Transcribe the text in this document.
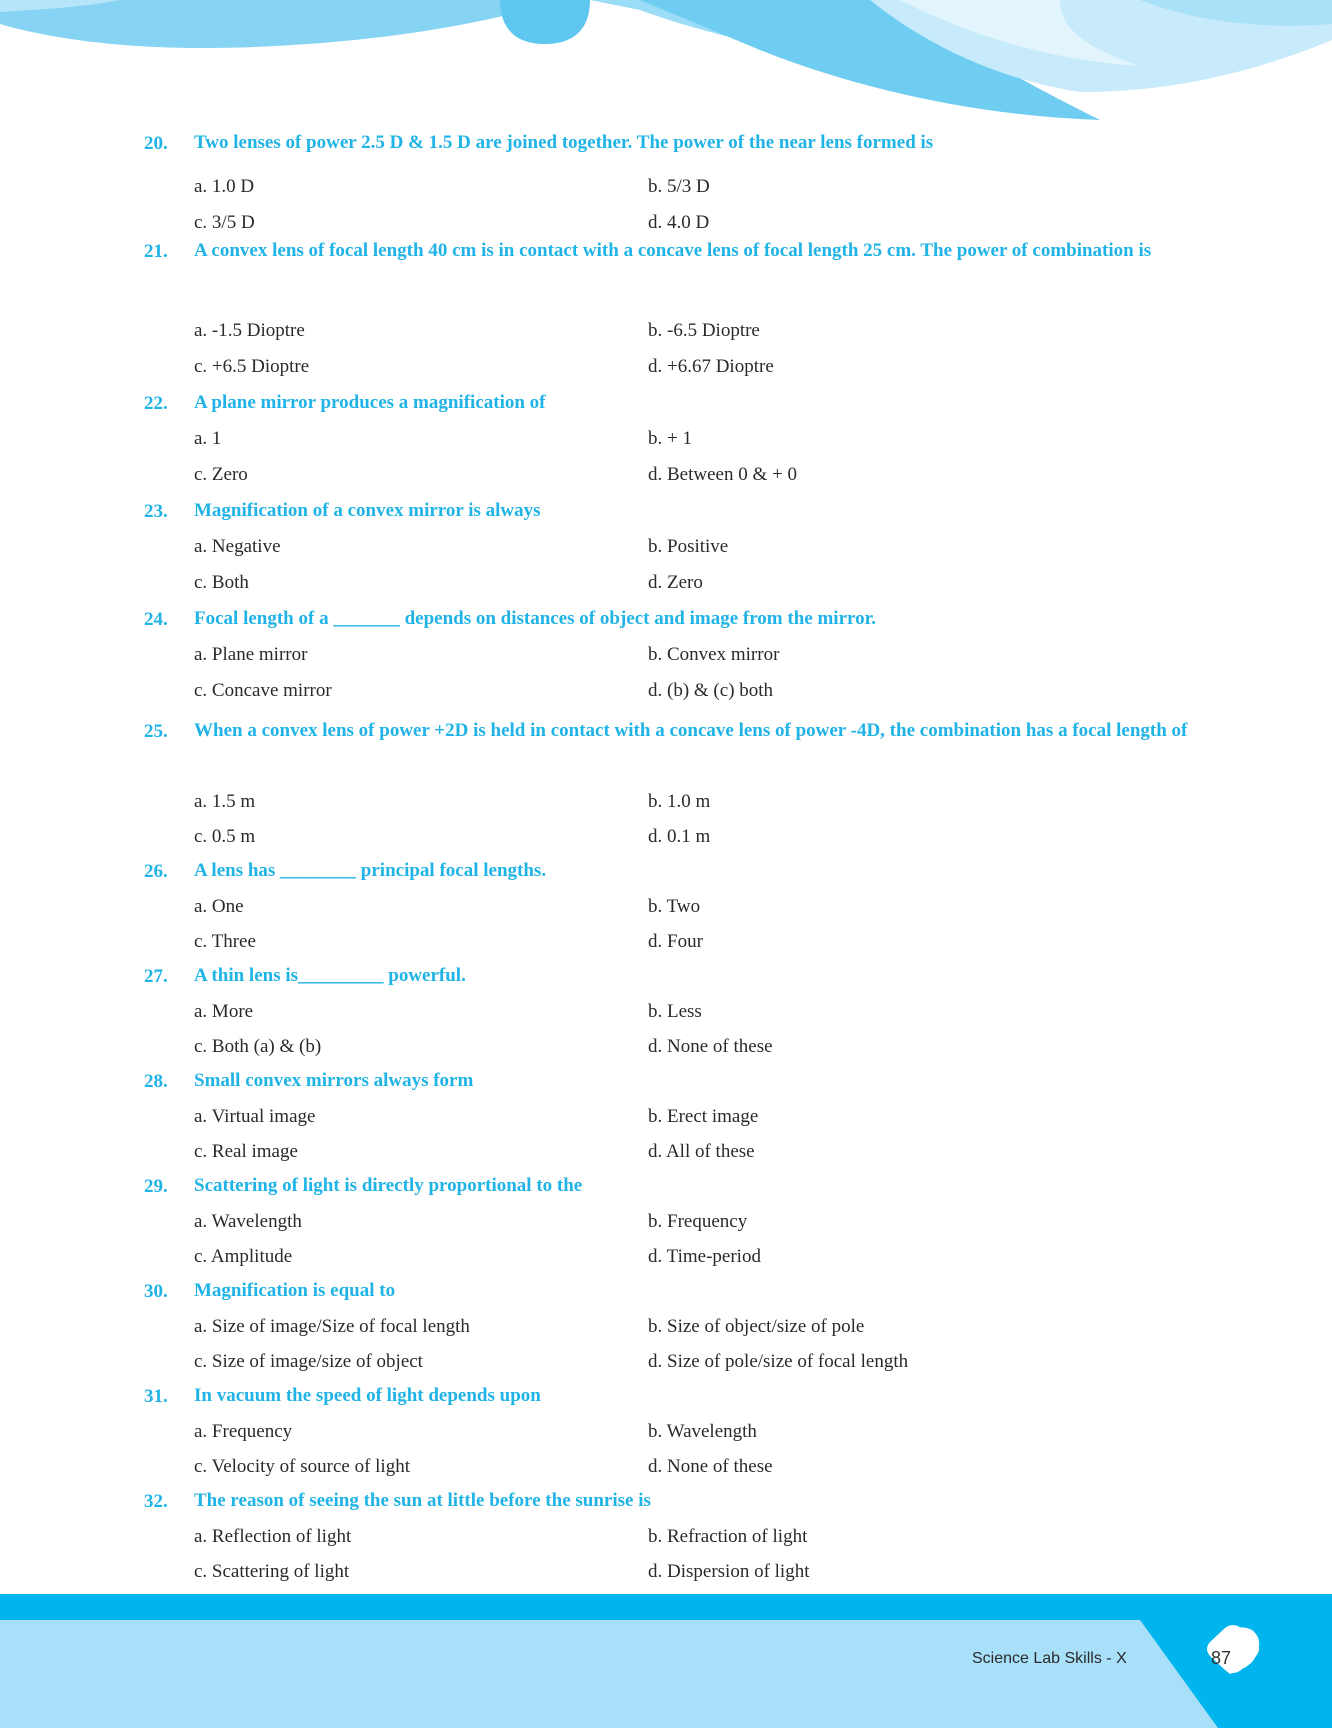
20. Two lenses of power 2.5 D & 1.5 D are joined together. The power of the near lens formed is
a. 1.0 D	b. 5/3 D
c. 3/5 D	d. 4.0 D
21. A convex lens of focal length 40 cm is in contact with a concave lens of focal length 25 cm. The power of combination is
a. -1.5 Dioptre	b. -6.5 Dioptre
c. +6.5 Dioptre	d. +6.67 Dioptre
22. A plane mirror produces a magnification of
a. 1	b. + 1
c. Zero	d. Between 0 & + 0
23. Magnification of a convex mirror is always
a. Negative	b. Positive
c. Both	d. Zero
24. Focal length of a _______ depends on distances of object and image from the mirror.
a. Plane mirror	b. Convex mirror
c. Concave mirror	d. (b) & (c) both
25. When a convex lens of power +2D is held in contact with a concave lens of power -4D, the combination has a focal length of
a. 1.5 m	b. 1.0 m
c. 0.5 m	d. 0.1 m
26. A lens has ________ principal focal lengths.
a. One	b. Two
c. Three	d. Four
27. A thin lens is_________ powerful.
a. More	b. Less
c. Both (a) & (b)	d. None of these
28. Small convex mirrors always form
a. Virtual image	b. Erect image
c. Real image	d. All of these
29. Scattering of light is directly proportional to the
a. Wavelength	b. Frequency
c. Amplitude	d. Time-period
30. Magnification is equal to
a. Size of image/Size of focal length	b. Size of object/size of pole
c. Size of image/size of object	d. Size of pole/size of focal length
31. In vacuum the speed of light depends upon
a. Frequency	b. Wavelength
c. Velocity of source of light	d. None of these
32. The reason of seeing the sun at little before the sunrise is
a. Reflection of light	b. Refraction of light
c. Scattering of light	d. Dispersion of light
Science Lab Skills - X	87
